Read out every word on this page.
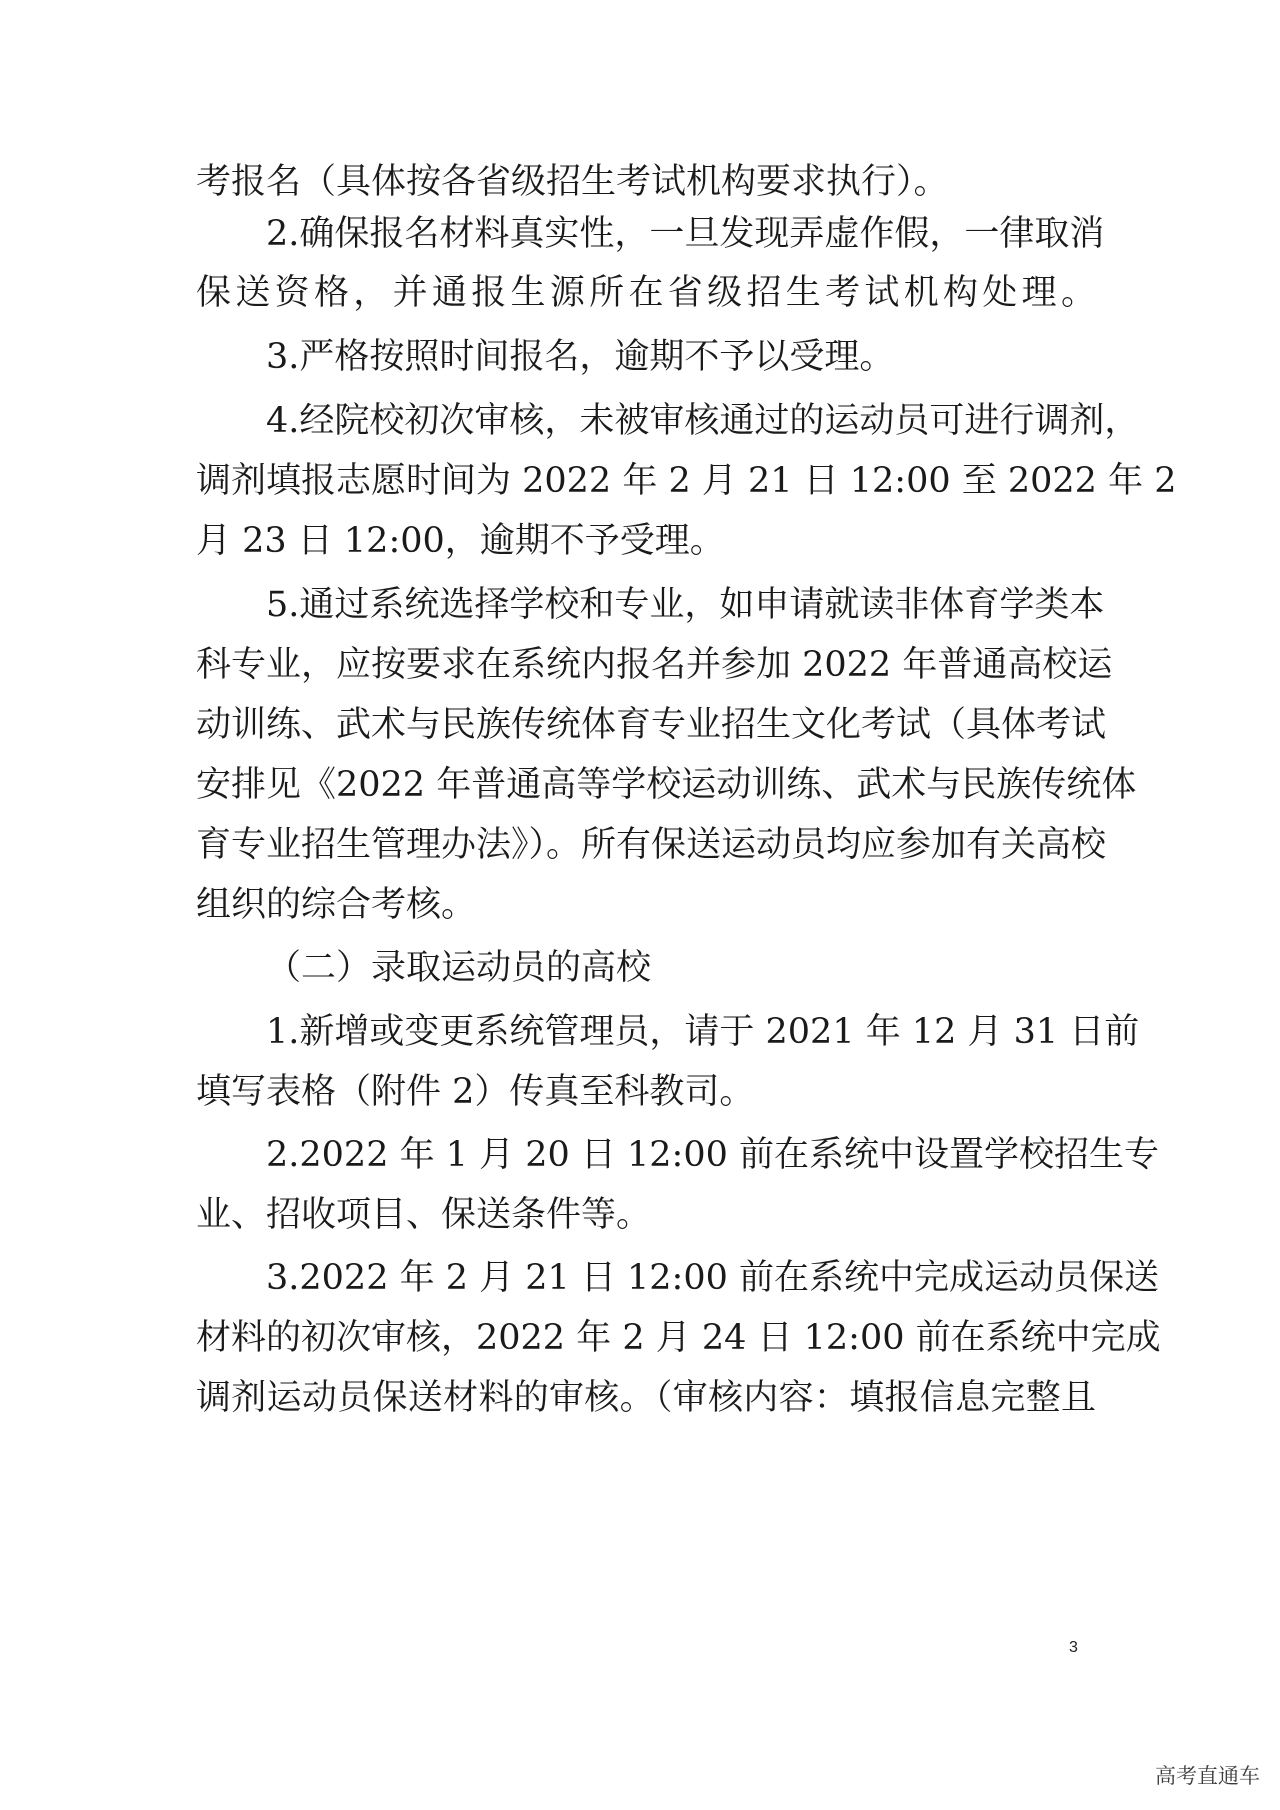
考报名（具体按各省级招生考试机构要求执行）。
2.确保报名材料真实性，一旦发现弄虚作假，一律取消
保送资格，并通报生源所在省级招生考试机构处理。
3.严格按照时间报名，逾期不予以受理。
4.经院校初次审核，未被审核通过的运动员可进行调剂，
调剂填报志愿时间为 2022 年 2 月 21 日 12:00 至 2022 年 2
月 23 日 12:00，逾期不予受理。
5.通过系统选择学校和专业，如申请就读非体育学类本
科专业，应按要求在系统内报名并参加 2022 年普通高校运
动训练、武术与民族传统体育专业招生文化考试（具体考试
安排见《2022 年普通高等学校运动训练、武术与民族传统体
育专业招生管理办法》）。所有保送运动员均应参加有关高校
组织的综合考核。
（二）录取运动员的高校
1.新增或变更系统管理员，请于 2021 年 12 月 31 日前
填写表格（附件 2）传真至科教司。
2.2022 年 1 月 20 日 12:00 前在系统中设置学校招生专
业、招收项目、保送条件等。
3.2022 年 2 月 21 日 12:00 前在系统中完成运动员保送
材料的初次审核，2022 年 2 月 24 日 12:00 前在系统中完成
调剂运动员保送材料的审核。（审核内容：填报信息完整且
3
高考直通车
